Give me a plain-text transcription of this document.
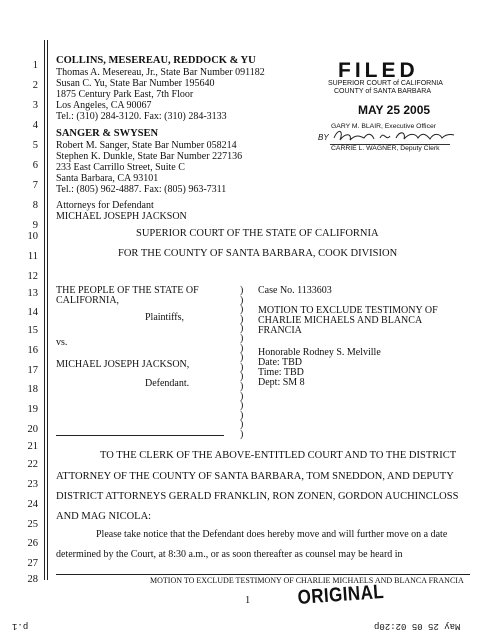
1
2
3
4
5
6
7
8
9
10
11
12
13
14
15
16
17
18
19
20
21
22
23
24
25
26
27
28
COLLINS, MESEREAU, REDDOCK & YU
Thomas A. Mesereau, Jr., State Bar Number 091182
Susan C. Yu, State Bar Number 195640
1875 Century Park East, 7th Floor
Los Angeles, CA 90067
Tel.: (310) 284-3120. Fax: (310) 284-3133
SANGER & SWYSEN
Robert M. Sanger, State Bar Number 058214
Stephen K. Dunkle, State Bar Number 227136
233 East Carrillo Street, Suite C
Santa Barbara, CA 93101
Tel.: (805) 962-4887. Fax: (805) 963-7311
Attorneys for Defendant
MICHAEL JOSEPH JACKSON
FILED
SUPERIOR COURT of CALIFORNIA
COUNTY of SANTA BARBARA
MAY 25 2005
GARY M. BLAIR, Executive Officer
BY
CARRIE L. WAGNER, Deputy Clerk
SUPERIOR COURT OF THE STATE OF CALIFORNIA
FOR THE COUNTY OF SANTA BARBARA, COOK DIVISION
THE PEOPLE OF THE STATE OF
CALIFORNIA,
Plaintiffs,
vs.
MICHAEL JOSEPH JACKSON,
Defendant.
)
)
)
)
)
)
)
)
)
)
)
)
)
)
)
)
Case No. 1133603
MOTION TO EXCLUDE TESTIMONY OF
CHARLIE MICHAELS AND BLANCA
FRANCIA
Honorable Rodney S. Melville
Date: TBD
Time: TBD
Dept: SM 8
TO THE CLERK OF THE ABOVE-ENTITLED COURT AND TO THE DISTRICT
ATTORNEY OF THE COUNTY OF SANTA BARBARA, TOM SNEDDON, AND DEPUTY
DISTRICT ATTORNEYS GERALD FRANKLIN, RON ZONEN, GORDON AUCHINCLOSS
AND MAG NICOLA:
Please take notice that the Defendant does hereby move and will further move on a date
determined by the Court, at 8:30 a.m., or as soon thereafter as counsel may be heard in
MOTION TO EXCLUDE TESTIMONY OF CHARLIE MICHAELS AND BLANCA FRANCIA
1 ORIGINAL
May 25 05 02:20p
p.1
